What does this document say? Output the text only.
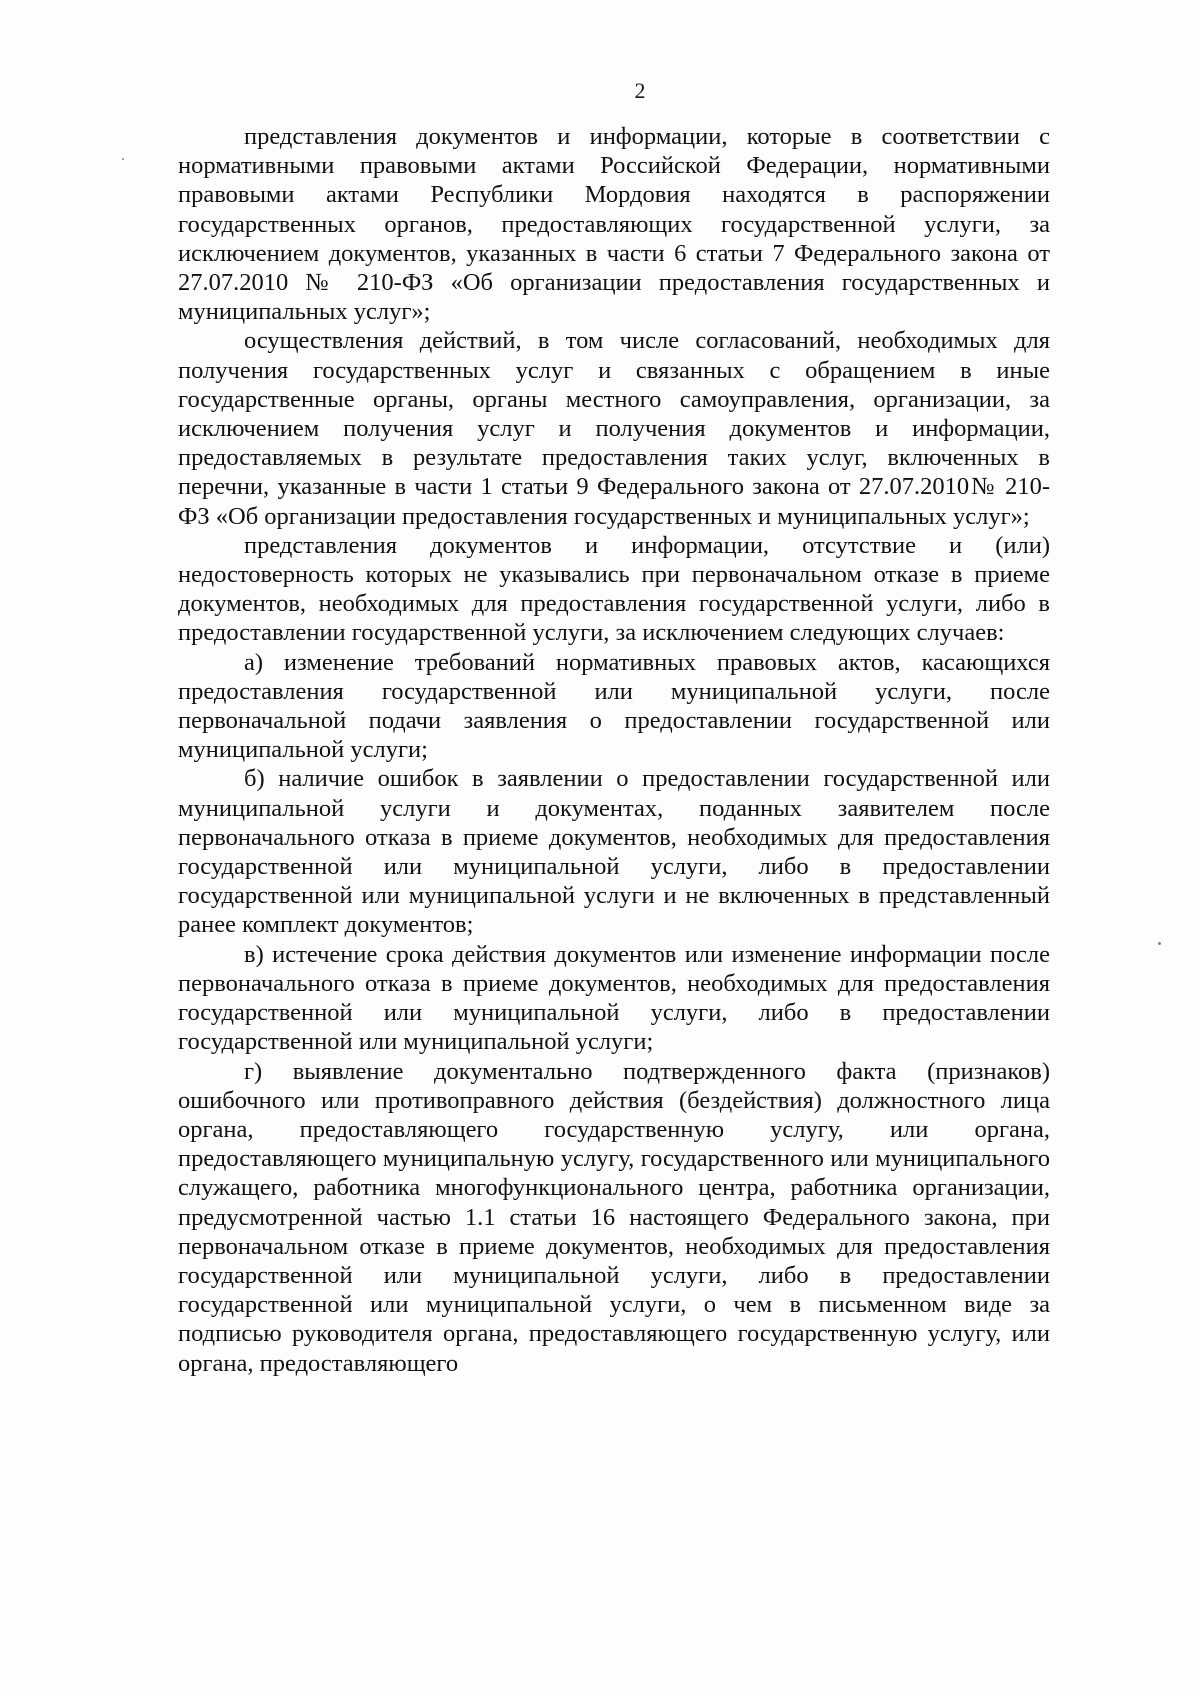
2

представления документов и информации, которые в соответствии с нормативными правовыми актами Российской Федерации, нормативными правовыми актами Республики Мордовия находятся в распоряжении государственных органов, предоставляющих государственной услуги, за исключением документов, указанных в части 6 статьи 7 Федерального закона от 27.07.2010 № 210-ФЗ «Об организации предоставления государственных и муниципальных услуг»;

осуществления действий, в том числе согласований, необходимых для получения государственных услуг и связанных с обращением в иные государственные органы, органы местного самоуправления, организации, за исключением получения услуг и получения документов и информации, предоставляемых в результате предоставления таких услуг, включенных в перечни, указанные в части 1 статьи 9 Федерального закона от 27.07.2010№ 210-ФЗ «Об организации предоставления государственных и муниципальных услуг»;

представления документов и информации, отсутствие и (или) недостоверность которых не указывались при первоначальном отказе в приеме документов, необходимых для предоставления государственной услуги, либо в предоставлении государственной услуги, за исключением следующих случаев:

а) изменение требований нормативных правовых актов, касающихся предоставления государственной или муниципальной услуги, после первоначальной подачи заявления о предоставлении государственной или муниципальной услуги;

б) наличие ошибок в заявлении о предоставлении государственной или муниципальной услуги и документах, поданных заявителем после первоначального отказа в приеме документов, необходимых для предоставления государственной или муниципальной услуги, либо в предоставлении государственной или муниципальной услуги и не включенных в представленный ранее комплект документов;

в) истечение срока действия документов или изменение информации после первоначального отказа в приеме документов, необходимых для предоставления государственной или муниципальной услуги, либо в предоставлении государственной или муниципальной услуги;

г) выявление документально подтвержденного факта (признаков) ошибочного или противоправного действия (бездействия) должностного лица органа, предоставляющего государственную услугу, или органа, предоставляющего муниципальную услугу, государственного или муниципального служащего, работника многофункционального центра, работника организации, предусмотренной частью 1.1 статьи 16 настоящего Федерального закона, при первоначальном отказе в приеме документов, необходимых для предоставления государственной или муниципальной услуги, либо в предоставлении государственной или муниципальной услуги, о чем в письменном виде за подписью руководителя органа, предоставляющего государственную услугу, или органа, предоставляющего
